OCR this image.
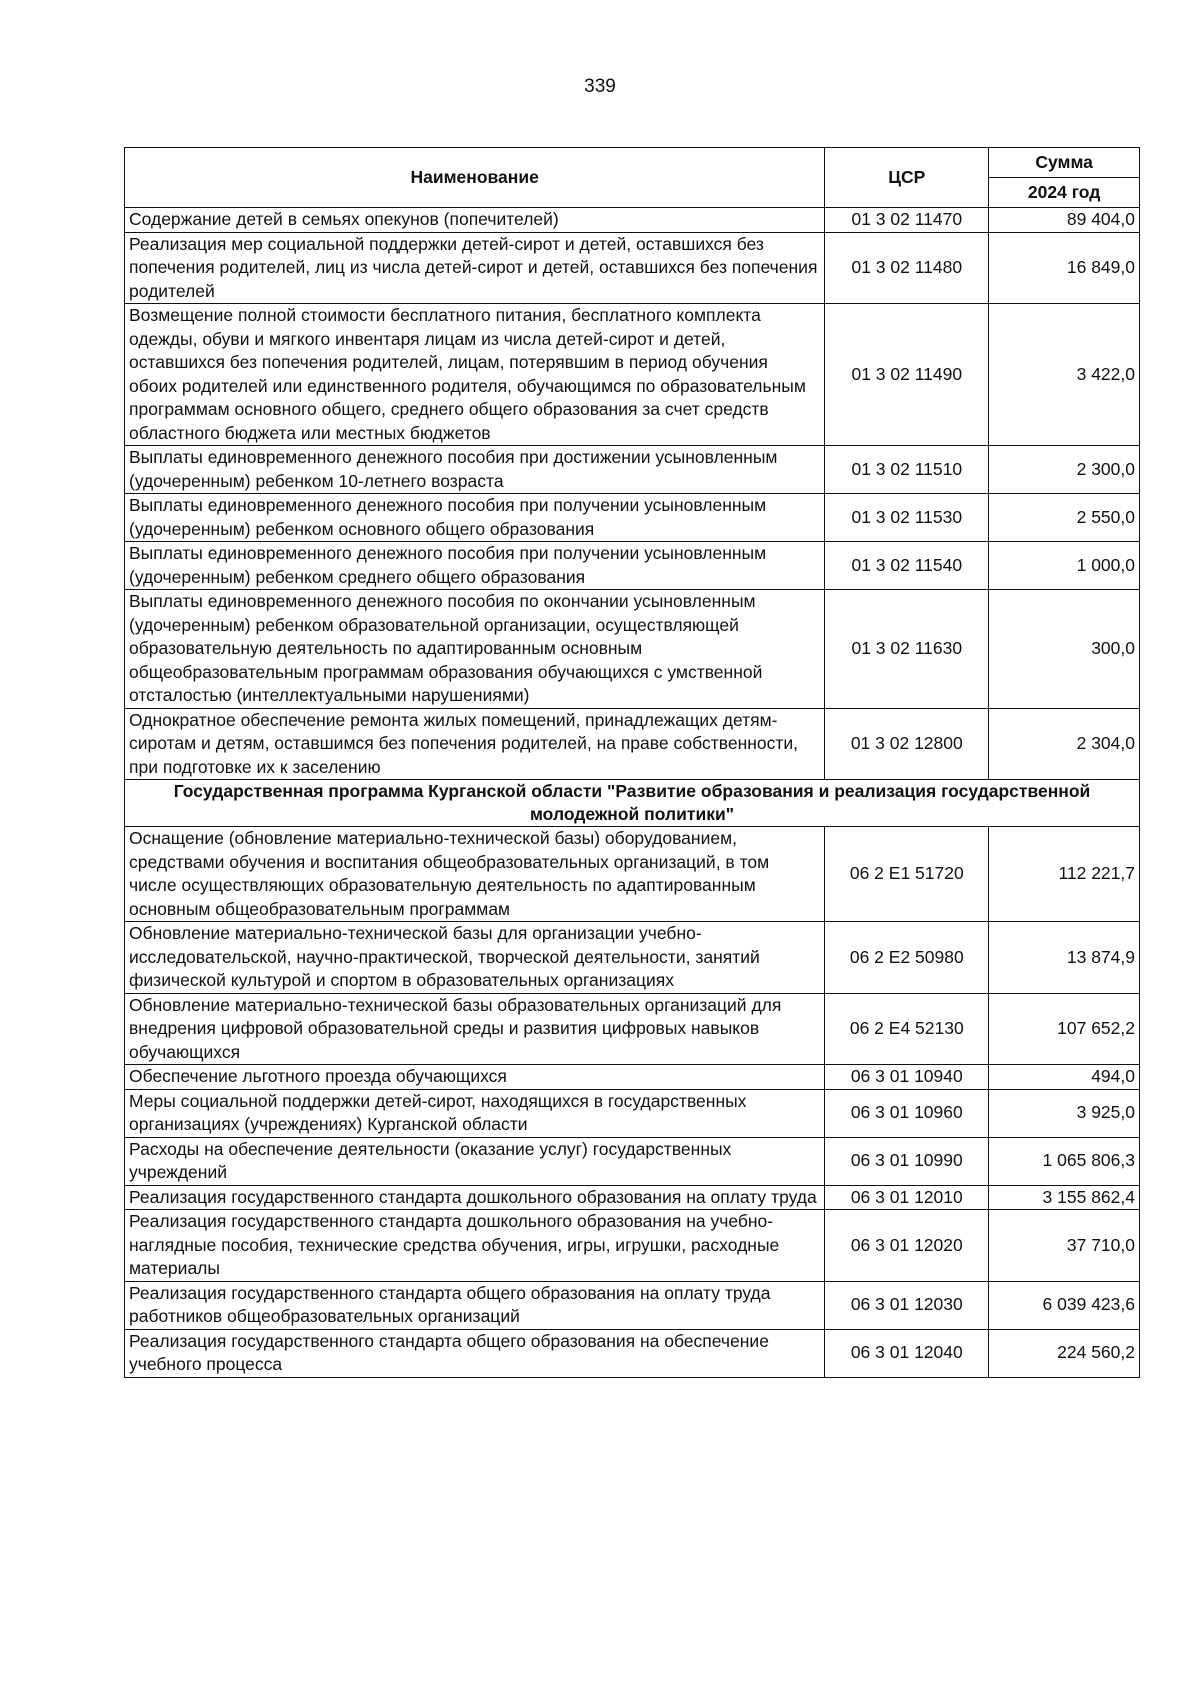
339
Наименование	ЦСР	Сумма
		2024 год
Содержание детей в семьях опекунов (попечителей)	01 3 02 11470	89 404,0
Реализация мер социальной поддержки детей-сирот и детей, оставшихся без попечения родителей, лиц из числа детей-сирот и детей, оставшихся без попечения родителей	01 3 02 11480	16 849,0
Возмещение полной стоимости бесплатного питания, бесплатного комплекта одежды, обуви и мягкого инвентаря лицам из числа детей-сирот и детей, оставшихся без попечения родителей, лицам, потерявшим в период обучения обоих родителей или единственного родителя, обучающимся по образовательным программам основного общего, среднего общего образования за счет средств областного бюджета или местных бюджетов	01 3 02 11490	3 422,0
Выплаты единовременного денежного пособия при достижении усыновленным (удочеренным) ребенком 10-летнего возраста	01 3 02 11510	2 300,0
Выплаты единовременного денежного пособия при получении усыновленным (удочеренным) ребенком основного общего образования	01 3 02 11530	2 550,0
Выплаты единовременного денежного пособия при получении усыновленным (удочеренным) ребенком среднего общего образования	01 3 02 11540	1 000,0
Выплаты единовременного денежного пособия по окончании усыновленным (удочеренным) ребенком образовательной организации, осуществляющей образовательную деятельность по адаптированным основным общеобразовательным программам образования обучающихся с умственной отсталостью (интеллектуальными нарушениями)	01 3 02 11630	300,0
Однократное обеспечение ремонта жилых помещений, принадлежащих детям-сиротам и детям, оставшимся без попечения родителей, на праве собственности, при подготовке их к заселению	01 3 02 12800	2 304,0
Государственная программа Курганской области "Развитие образования и реализация государственной молодежной политики"		
Оснащение (обновление материально-технической базы) оборудованием, средствами обучения и воспитания общеобразовательных организаций, в том числе осуществляющих образовательную деятельность по адаптированным основным общеобразовательным программам	06 2 E1 51720	112 221,7
Обновление материально-технической базы для организации учебно-исследовательской, научно-практической, творческой деятельности, занятий физической культурой и спортом в образовательных организациях	06 2 E2 50980	13 874,9
Обновление материально-технической базы образовательных организаций для внедрения цифровой образовательной среды и развития цифровых навыков обучающихся	06 2 E4 52130	107 652,2
Обеспечение льготного проезда обучающихся	06 3 01 10940	494,0
Меры социальной поддержки детей-сирот, находящихся в государственных организациях (учреждениях) Курганской области	06 3 01 10960	3 925,0
Расходы на обеспечение деятельности (оказание услуг) государственных учреждений	06 3 01 10990	1 065 806,3
Реализация государственного стандарта дошкольного образования на оплату труда	06 3 01 12010	3 155 862,4
Реализация государственного стандарта дошкольного образования на учебно-наглядные пособия, технические средства обучения, игры, игрушки, расходные материалы	06 3 01 12020	37 710,0
Реализация государственного стандарта общего образования на оплату труда работников общеобразовательных организаций	06 3 01 12030	6 039 423,6
Реализация государственного стандарта общего образования на обеспечение учебного процесса	06 3 01 12040	224 560,2
